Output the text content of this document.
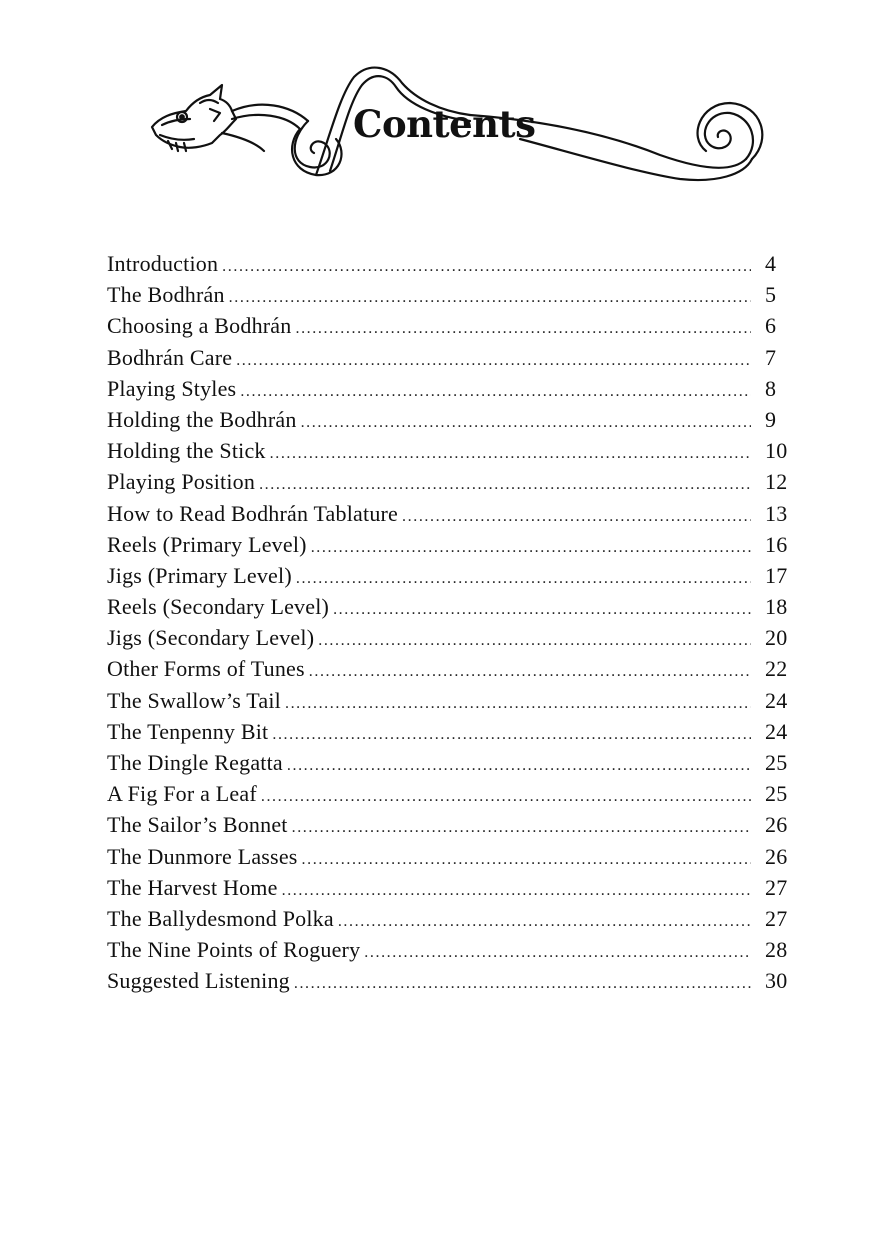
Contents
Introduction .....	4
The Bodhrán .....	5
Choosing a Bodhrán .....	6
Bodhrán Care .....	7
Playing Styles .....	8
Holding the Bodhrán .....	9
Holding the Stick .....	10
Playing Position .....	12
How to Read Bodhrán Tablature .....	13
Reels (Primary Level) .....	16
Jigs (Primary Level) .....	17
Reels (Secondary Level) .....	18
Jigs (Secondary Level) .....	20
Other Forms of Tunes .....	22
The Swallow’s Tail .....	24
The Tenpenny Bit .....	24
The Dingle Regatta .....	25
A Fig For a Leaf .....	25
The Sailor’s Bonnet .....	26
The Dunmore Lasses .....	26
The Harvest Home .....	27
The Ballydesmond Polka .....	27
The Nine Points of Roguery .....	28
Suggested Listening .....	30
